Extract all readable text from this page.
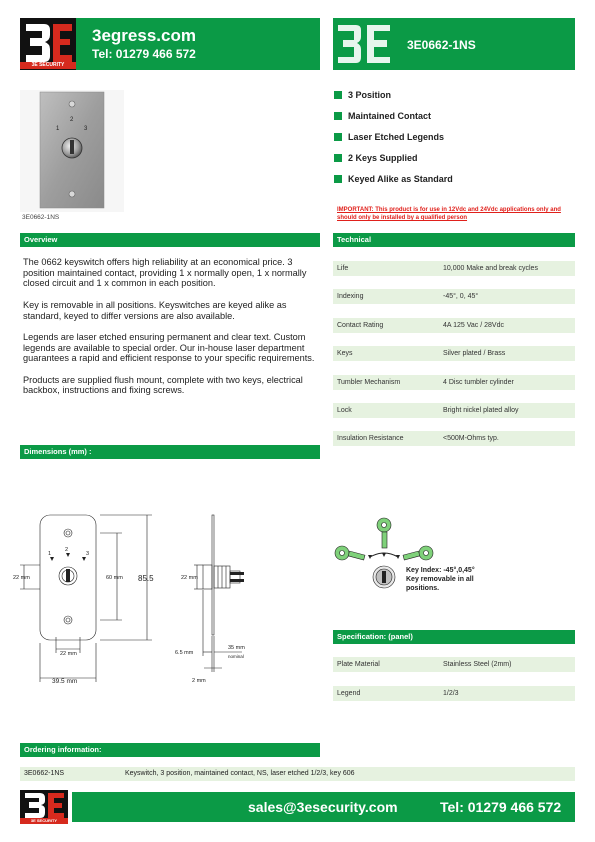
3E SECURITY
3egress.com
Tel: 01279 466 572
3E0662-1NS
1
2
3
3E0662-1NS
3 Position
Maintained Contact
Laser Etched Legends
2 Keys Supplied
Keyed Alike as Standard
IMPORTANT: This product is for use in 12Vdc and 24Vdc applications only and should only be installed by a qualified person
Overview

The 0662 keyswitch offers high reliability at an economical price. 3 position maintained contact, providing 1 x normally open, 1 x normally closed circuit and 1 x common in each position.

Key is removable in all positions. Keyswitches are keyed alike as standard, keyed to differ versions are also available.

Legends are laser etched ensuring permanent and clear text. Custom legends are available to special order. Our in-house laser department guarantees a rapid and efficient response to your specific requirements.

Products are supplied flush mount, complete with two keys, electrical backbox, instructions and fixing screws.

Technical
Life	10,000 Make and break cycles
Indexing	-45°, 0, 45°
Contact Rating	4A 125 Vac / 28Vdc
Keys	Silver plated / Brass
Tumbler Mechanism	4 Disc tumbler cylinder
Lock	Bright nickel plated alloy
Insulation Resistance	<500M-Ohms typ.
Dimensions (mm) :
1
2
3
22 mm	60 mm 85.5
22 mm
39.5 mm
22 mm
6.5 mm
35 mm
nominal
2 mm
Key Index: -45°,0,45°
Key removable in all
positions.
Specification: (panel)
Plate Material	Stainless Steel (2mm)
Legend	1/2/3
Ordering information:
3E0662-1NS	Keyswitch, 3 position, maintained contact, NS, laser etched 1/2/3, key 606
3E SECURITY
sales@3esecurity.com	Tel: 01279 466 572
